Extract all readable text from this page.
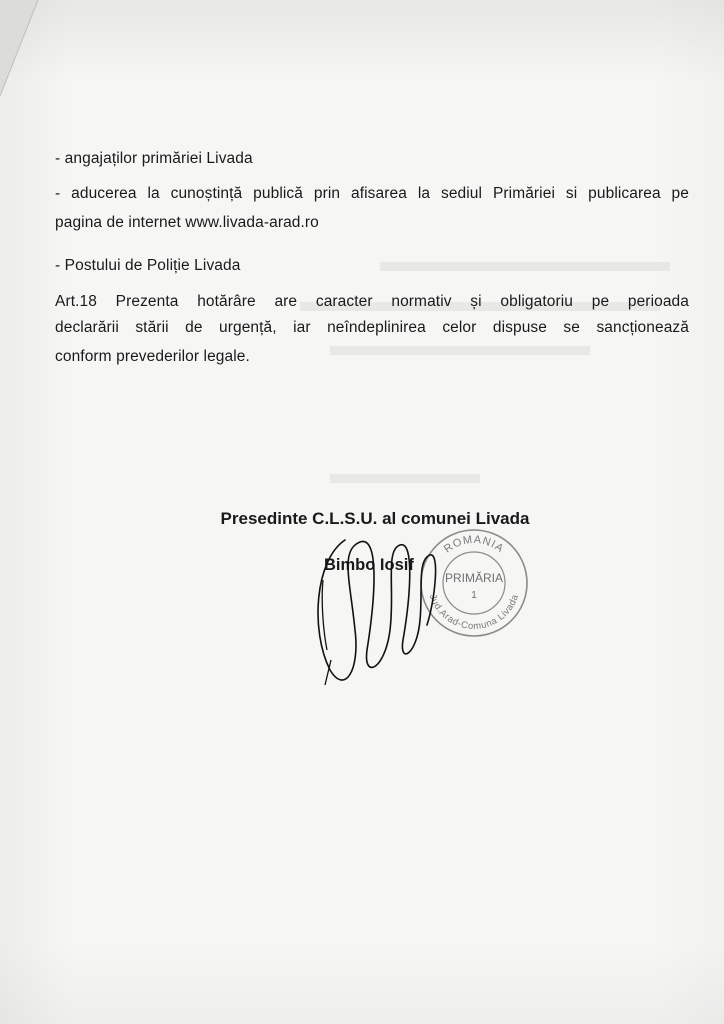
- angajaților primăriei Livada
- aducerea la cunoștință publică prin afisarea la sediul Primăriei si publicarea pe
pagina de internet www.livada-arad.ro
- Postului de Poliție Livada
Art.18 Prezenta hotărâre are caracter normativ și obligatoriu pe perioada
declarării stării de urgență, iar neîndeplinirea celor dispuse se sancționează
conform prevederilor legale.
Presedinte C.L.S.U. al comunei Livada
Bimbo Iosif
ROMANIA
PRIMĂRIA
1
Jud.Arad-Comuna Livada
